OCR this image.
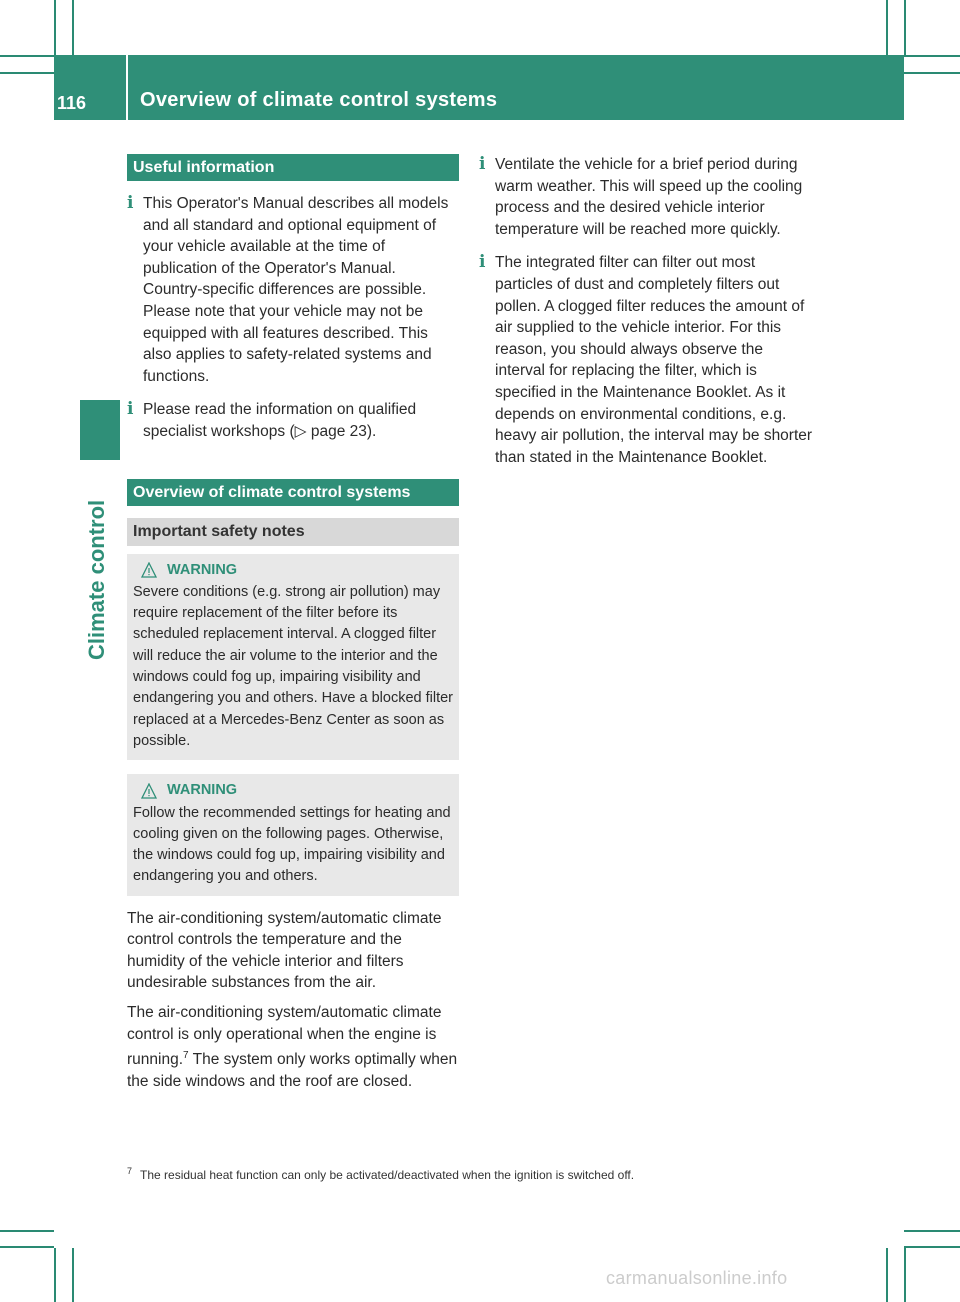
116	Overview of climate control systems
Climate control
Useful information
i This Operator's Manual describes all models and all standard and optional equipment of your vehicle available at the time of publication of the Operator's Manual. Country-specific differences are possible. Please note that your vehicle may not be equipped with all features described. This also applies to safety-related systems and functions.

i Please read the information on qualified specialist workshops (▷ page 23).

Overview of climate control systems
Important safety notes
WARNING
Severe conditions (e.g. strong air pollution) may require replacement of the filter before its scheduled replacement interval. A clogged filter will reduce the air volume to the interior and the windows could fog up, impairing visibility and endangering you and others. Have a blocked filter replaced at a Mercedes-Benz Center as soon as possible.
WARNING
Follow the recommended settings for heating and cooling given on the following pages. Otherwise, the windows could fog up, impairing visibility and endangering you and others.

The air-conditioning system/automatic climate control controls the temperature and the humidity of the vehicle interior and filters undesirable substances from the air.

The air-conditioning system/automatic climate control is only operational when the engine is running.$^7$ The system only works optimally when the side windows and the roof are closed.

i Ventilate the vehicle for a brief period during warm weather. This will speed up the cooling process and the desired vehicle interior temperature will be reached more quickly.

i The integrated filter can filter out most particles of dust and completely filters out pollen. A clogged filter reduces the amount of air supplied to the vehicle interior. For this reason, you should always observe the interval for replacing the filter, which is specified in the Maintenance Booklet. As it depends on environmental conditions, e.g. heavy air pollution, the interval may be shorter than stated in the Maintenance Booklet.

$^7$ The residual heat function can only be activated/deactivated when the ignition is switched off.
carmanualsonline.info
